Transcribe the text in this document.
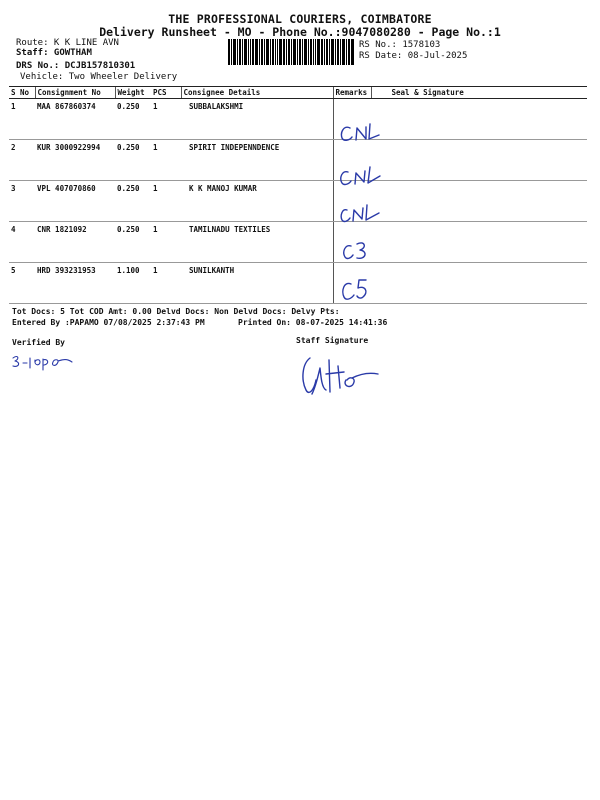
THE PROFESSIONAL COURIERS, COIMBATORE
Delivery Runsheet - MO - Phone No.:9047080280 - Page No.:1
Route: K K LINE AVN
Staff: GOWTHAM
DRS No.: DCJB157810301
Vehicle: Two Wheeler Delivery
RS No.: 1578103
RS Date: 08-Jul-2025
S No	Consignment No	Weight	PCS	Consignee Details	Remarks	Seal & Signature
1	MAA 867860374	0.250	1	SUBBALAKSHMI		
2	KUR 3000922994	0.250	1	SPIRIT INDEPENNDENCE		
3	VPL 407070860	0.250	1	K K MANOJ KUMAR		
4	CNR 1821092	0.250	1	TAMILNADU TEXTILES		
5	HRD 393231953	1.100	1	SUNILKANTH		
Tot Docs: 5 Tot COD Amt: 0.00 Delvd Docs: Non Delvd Docs: Delvy Pts:
Entered By :PAPAMO 07/08/2025 2:37:43 PM	Printed On: 08-07-2025 14:41:36
Verified By	Staff Signature
